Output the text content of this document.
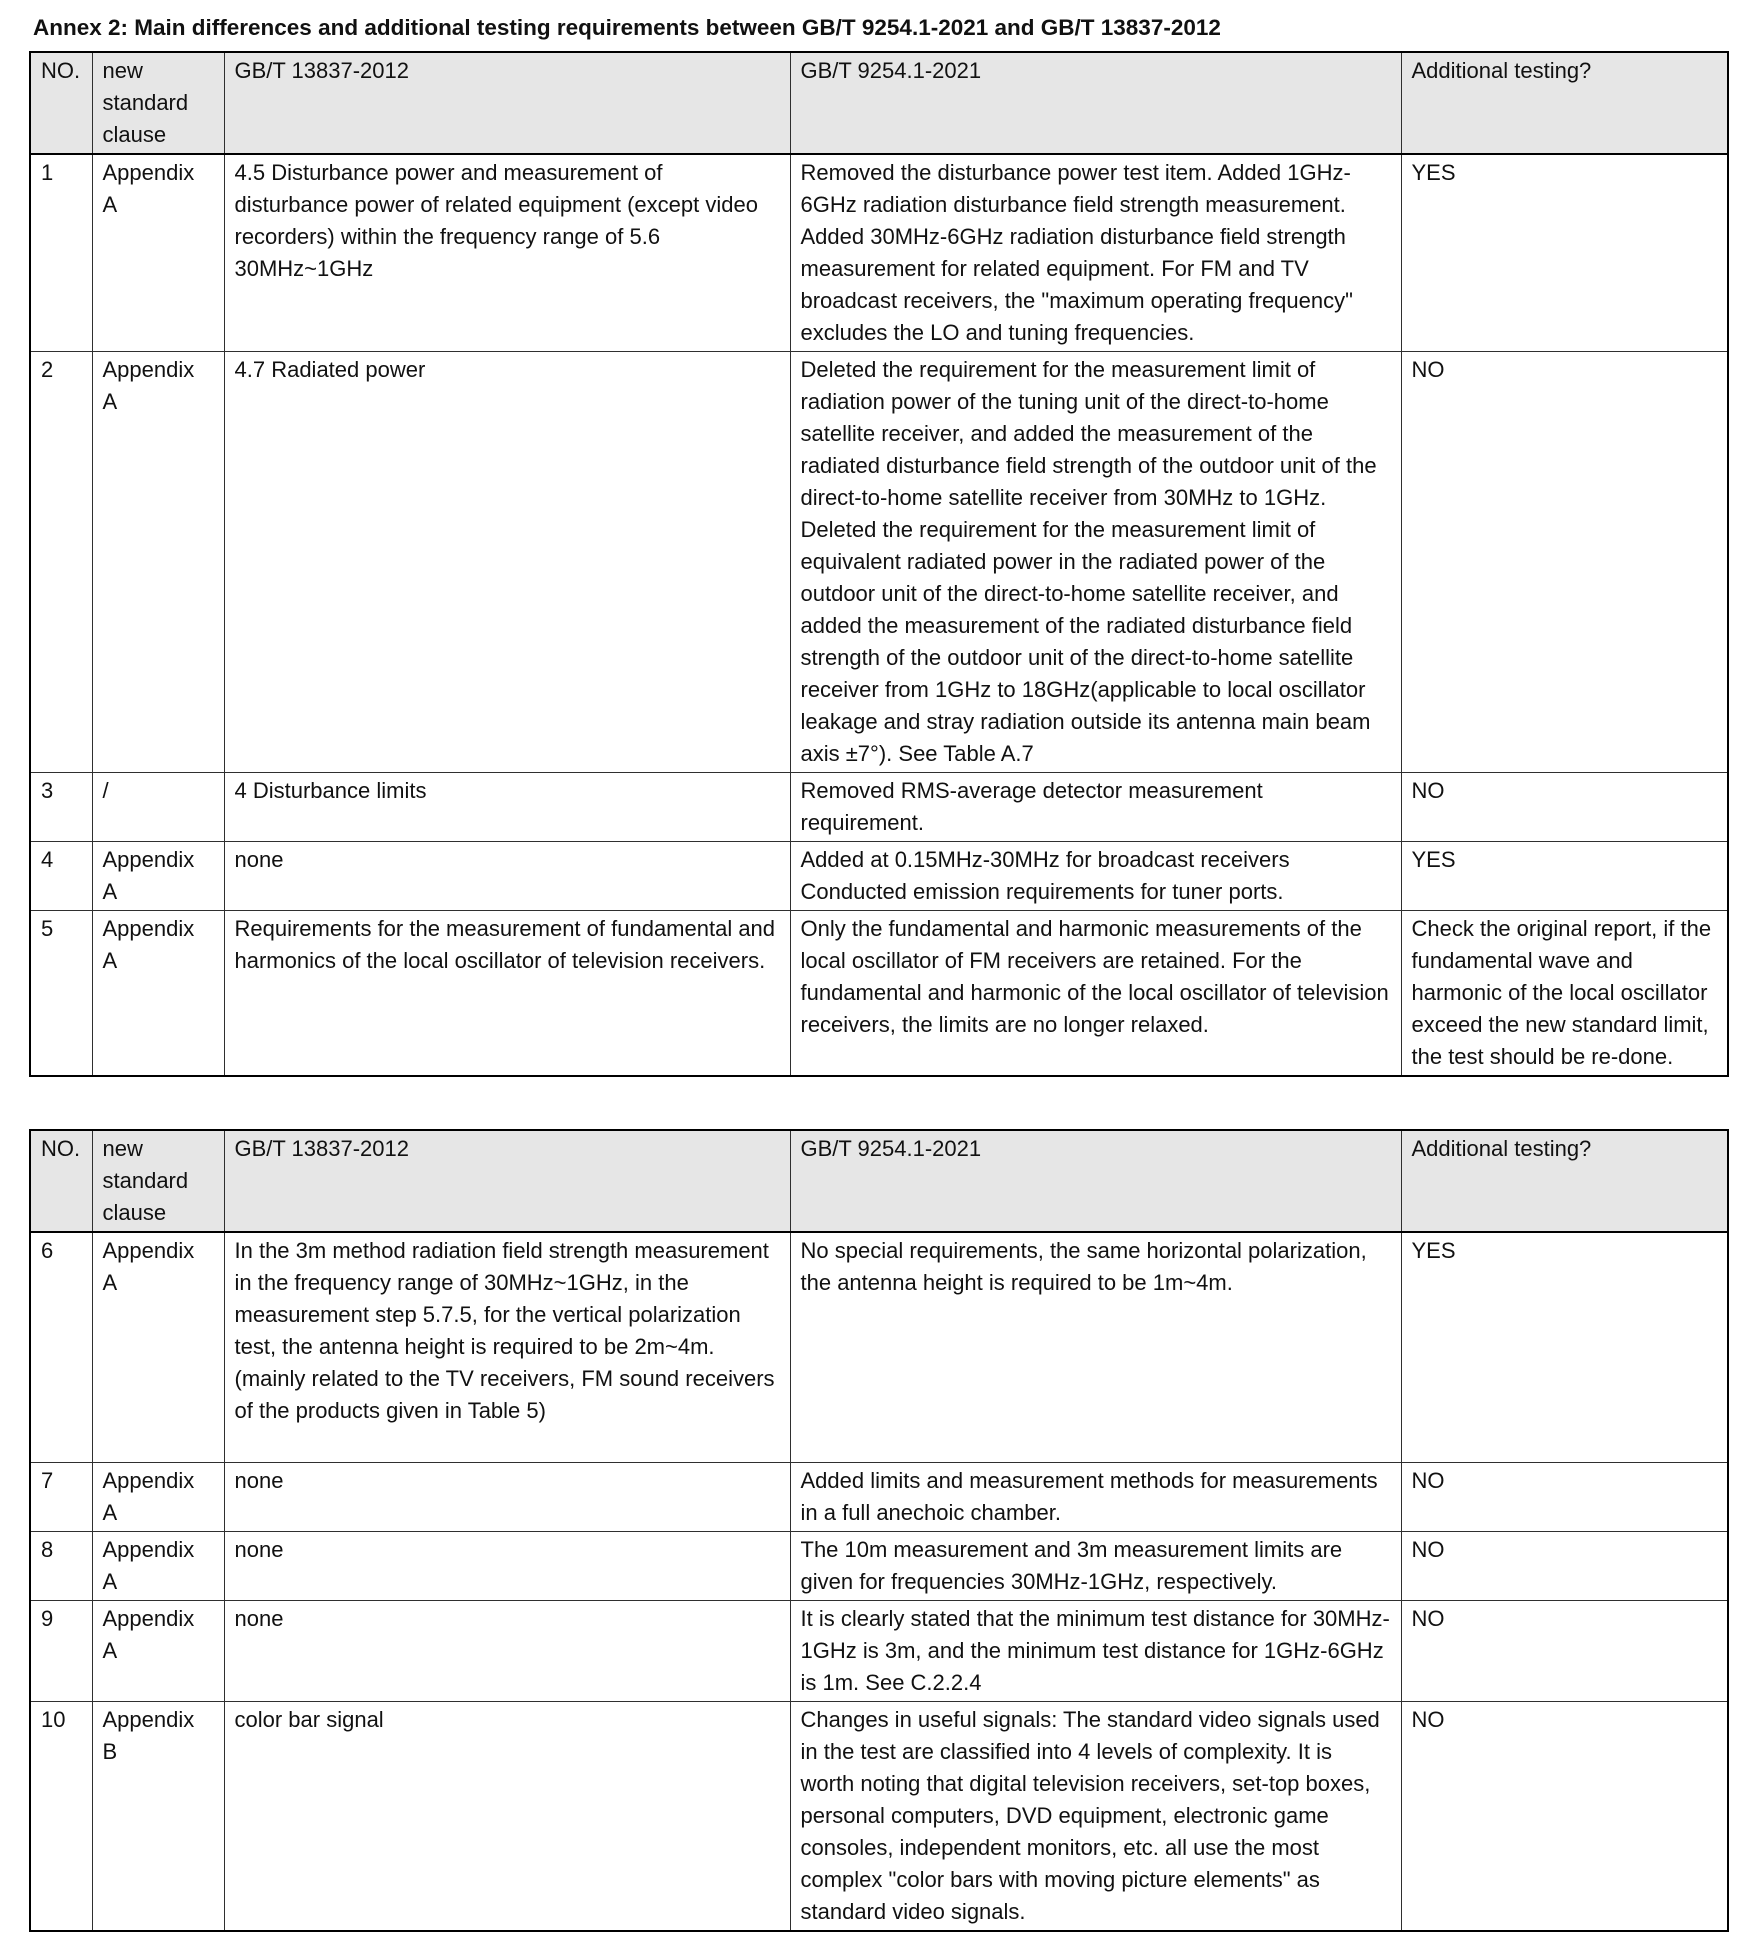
Annex 2: Main differences and additional testing requirements between GB/T 9254.1-2021 and GB/T 13837-2012
NO.	new standard clause	GB/T 13837-2012	GB/T 9254.1-2021	Additional testing?
1	Appendix A	4.5 Disturbance power and measurement of disturbance power of related equipment (except video recorders) within the frequency range of 5.6 30MHz~1GHz	Removed the disturbance power test item. Added 1GHz-6GHz radiation disturbance field strength measurement. Added 30MHz-6GHz radiation disturbance field strength measurement for related equipment. For FM and TV broadcast receivers, the "maximum operating frequency" excludes the LO and tuning frequencies.	YES
2	Appendix A	4.7 Radiated power	Deleted the requirement for the measurement limit of radiation power of the tuning unit of the direct-to-home satellite receiver, and added the measurement of the radiated disturbance field strength of the outdoor unit of the direct-to-home satellite receiver from 30MHz to 1GHz. Deleted the requirement for the measurement limit of equivalent radiated power in the radiated power of the outdoor unit of the direct-to-home satellite receiver, and added the measurement of the radiated disturbance field strength of the outdoor unit of the direct-to-home satellite receiver from 1GHz to 18GHz(applicable to local oscillator leakage and stray radiation outside its antenna main beam axis ±7°). See Table A.7	NO
3	/	4 Disturbance limits	Removed RMS-average detector measurement requirement.	NO
4	Appendix A	none	Added at 0.15MHz-30MHz for broadcast receivers Conducted emission requirements for tuner ports.	YES
5	Appendix A	Requirements for the measurement of fundamental and harmonics of the local oscillator of television receivers.	Only the fundamental and harmonic measurements of the local oscillator of FM receivers are retained. For the fundamental and harmonic of the local oscillator of television receivers, the limits are no longer relaxed.	Check the original report, if the fundamental wave and harmonic of the local oscillator exceed the new standard limit, the test should be re-done.
NO.	new standard clause	GB/T 13837-2012	GB/T 9254.1-2021	Additional testing?
6	Appendix A	In the 3m method radiation field strength measurement in the frequency range of 30MHz~1GHz, in the measurement step 5.7.5, for the vertical polarization test, the antenna height is required to be 2m~4m. (mainly related to the TV receivers, FM sound receivers of the products given in Table 5)	No special requirements, the same horizontal polarization, the antenna height is required to be 1m~4m.	YES
7	Appendix A	none	Added limits and measurement methods for measurements in a full anechoic chamber.	NO
8	Appendix A	none	The 10m measurement and 3m measurement limits are given for frequencies 30MHz-1GHz, respectively.	NO
9	Appendix A	none	It is clearly stated that the minimum test distance for 30MHz-1GHz is 3m, and the minimum test distance for 1GHz-6GHz is 1m. See C.2.2.4	NO
10	Appendix B	color bar signal	Changes in useful signals: The standard video signals used in the test are classified into 4 levels of complexity. It is worth noting that digital television receivers, set-top boxes, personal computers, DVD equipment, electronic game consoles, independent monitors, etc. all use the most complex "color bars with moving picture elements" as standard video signals.	NO
